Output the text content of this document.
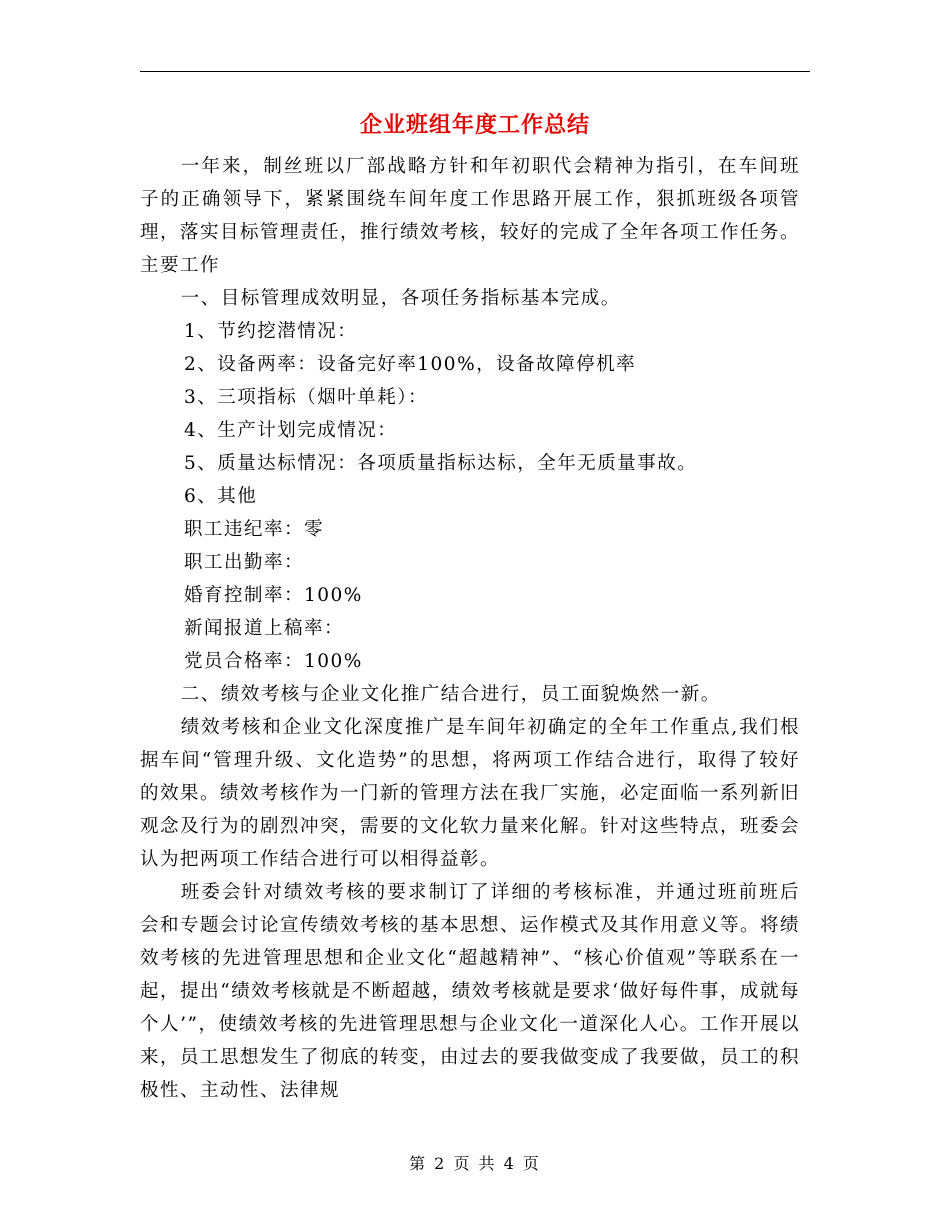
企业班组年度工作总结

一年来，制丝班以厂部战略方针和年初职代会精神为指引，在车间班子的正确领导下，紧紧围绕车间年度工作思路开展工作，狠抓班级各项管理，落实目标管理责任，推行绩效考核，较好的完成了全年各项工作任务。主要工作

一、目标管理成效明显，各项任务指标基本完成。

1、节约挖潜情况：

2、设备两率：设备完好率100%，设备故障停机率

3、三项指标（烟叶单耗）：

4、生产计划完成情况：

5、质量达标情况：各项质量指标达标，全年无质量事故。

6、其他

职工违纪率：零

职工出勤率：

婚育控制率：100%

新闻报道上稿率：

党员合格率：100%

二、绩效考核与企业文化推广结合进行，员工面貌焕然一新。

绩效考核和企业文化深度推广是车间年初确定的全年工作重点,我们根据车间“管理升级、文化造势”的思想，将两项工作结合进行，取得了较好的效果。绩效考核作为一门新的管理方法在我厂实施，必定面临一系列新旧观念及行为的剧烈冲突，需要的文化软力量来化解。针对这些特点，班委会认为把两项工作结合进行可以相得益彰。

班委会针对绩效考核的要求制订了详细的考核标准，并通过班前班后会和专题会讨论宣传绩效考核的基本思想、运作模式及其作用意义等。将绩效考核的先进管理思想和企业文化“超越精神”、“核心价值观”等联系在一起，提出“绩效考核就是不断超越，绩效考核就是要求‘做好每件事，成就每个人’”，使绩效考核的先进管理思想与企业文化一道深化人心。工作开展以来，员工思想发生了彻底的转变，由过去的要我做变成了我要做，员工的积极性、主动性、法律规

第 2 页 共 4 页
